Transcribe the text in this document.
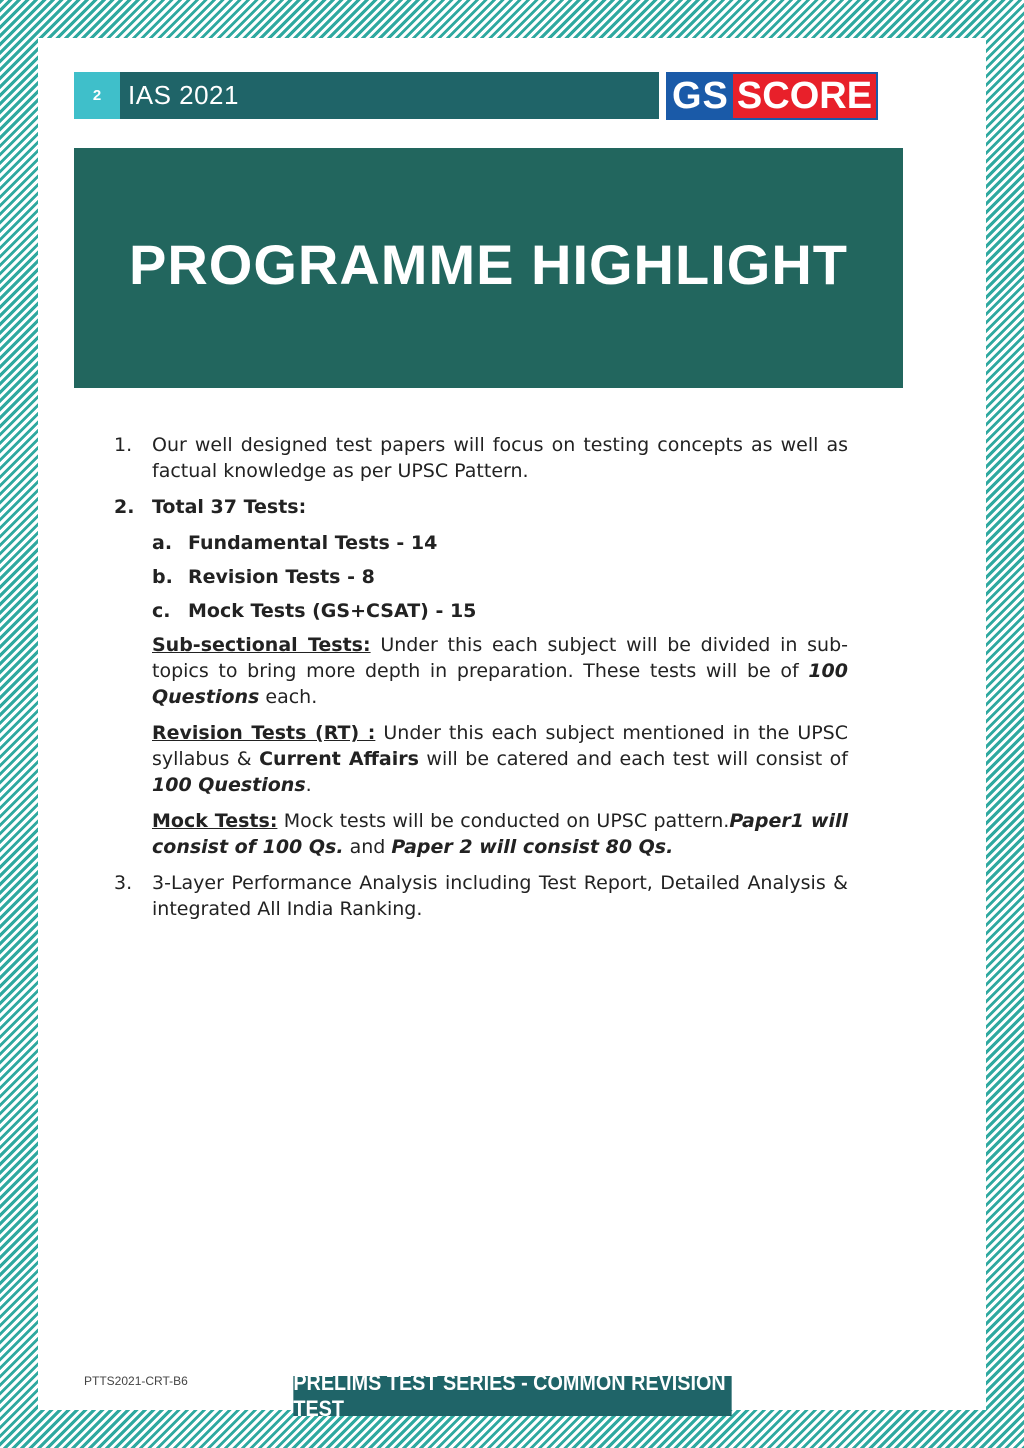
2	IAS 2021	GS SCORE
PROGRAMME HIGHLIGHT
1.	Our well designed test papers will focus on testing concepts as well as factual knowledge as per UPSC Pattern.
2. Total 37 Tests:
a. Fundamental Tests - 14
b. Revision Tests - 8
c. Mock Tests (GS+CSAT) - 15
Sub-sectional Tests: Under this each subject will be divided in sub-topics to bring more depth in preparation. These tests will be of 100 Questions each.
Revision Tests (RT) : Under this each subject mentioned in the UPSC syllabus & Current Affairs will be catered and each test will consist of 100 Questions.
Mock Tests: Mock tests will be conducted on UPSC pattern.Paper1 will consist of 100 Qs. and Paper 2 will consist 80 Qs.
3.	3-Layer Performance Analysis including Test Report, Detailed Analysis & integrated All India Ranking.
PTTS2021-CRT-B6	PRELIMS TEST SERIES - COMMON REVISION TEST
